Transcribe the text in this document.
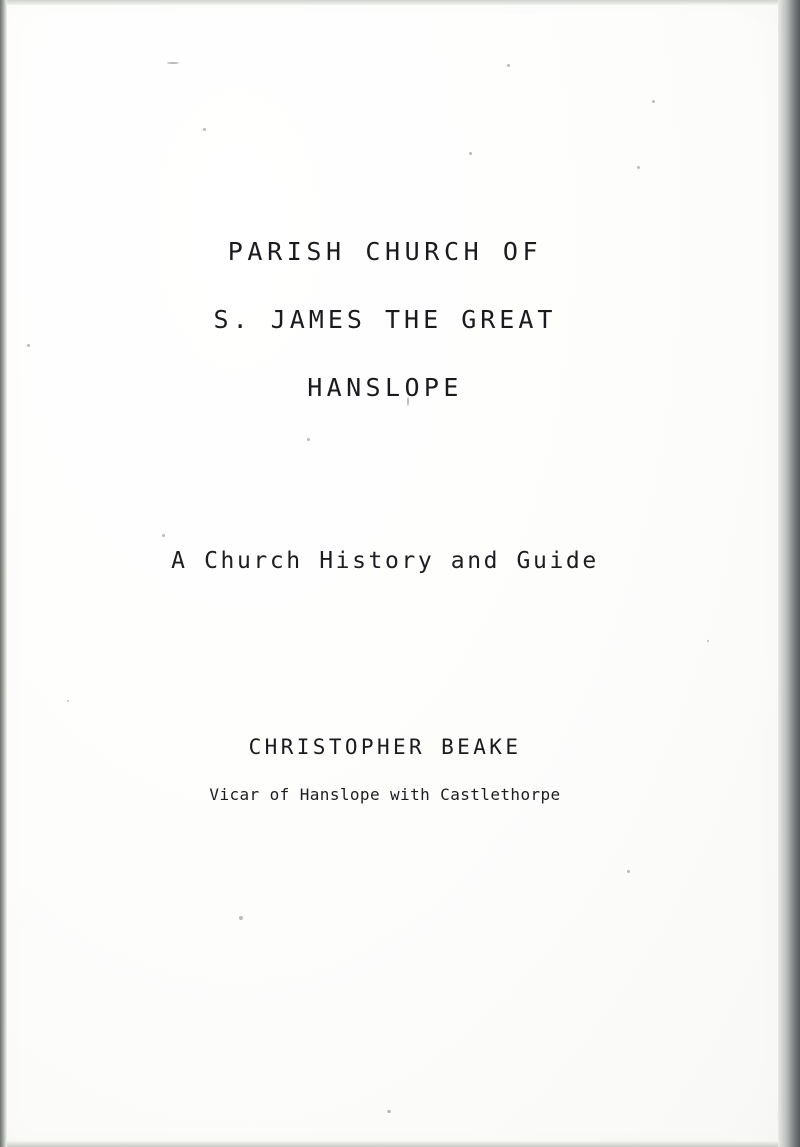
PARISH CHURCH OF
S. JAMES THE GREAT
HANSLOPE
A Church History and Guide
CHRISTOPHER BEAKE
Vicar of Hanslope with Castlethorpe
